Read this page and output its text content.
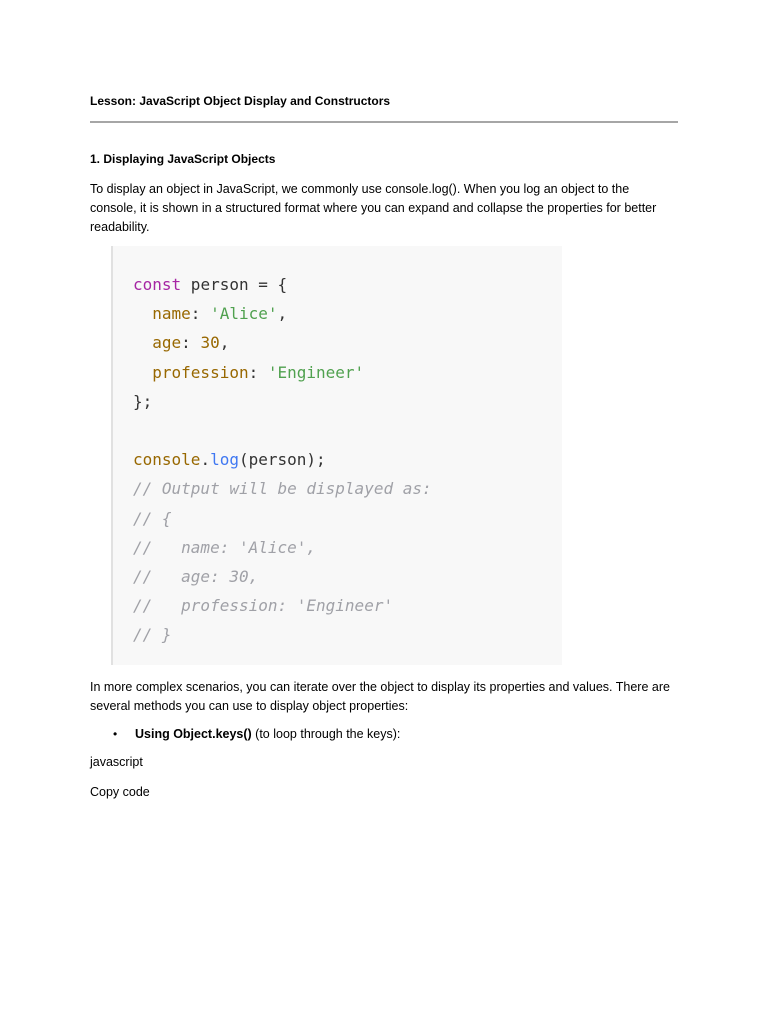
Lesson: JavaScript Object Display and Constructors
1. Displaying JavaScript Objects
To display an object in JavaScript, we commonly use console.log(). When you log an object to the console, it is shown in a structured format where you can expand and collapse the properties for better readability.
const person = {
name: 'Alice',
age: 30,
profession: 'Engineer'
};
console.log(person);
// Output will be displayed as:
// {
//   name: 'Alice',
//   age: 30,
//   profession: 'Engineer'
// }
In more complex scenarios, you can iterate over the object to display its properties and values. There are several methods you can use to display object properties:
• Using Object.keys() (to loop through the keys):
javascript
Copy code
